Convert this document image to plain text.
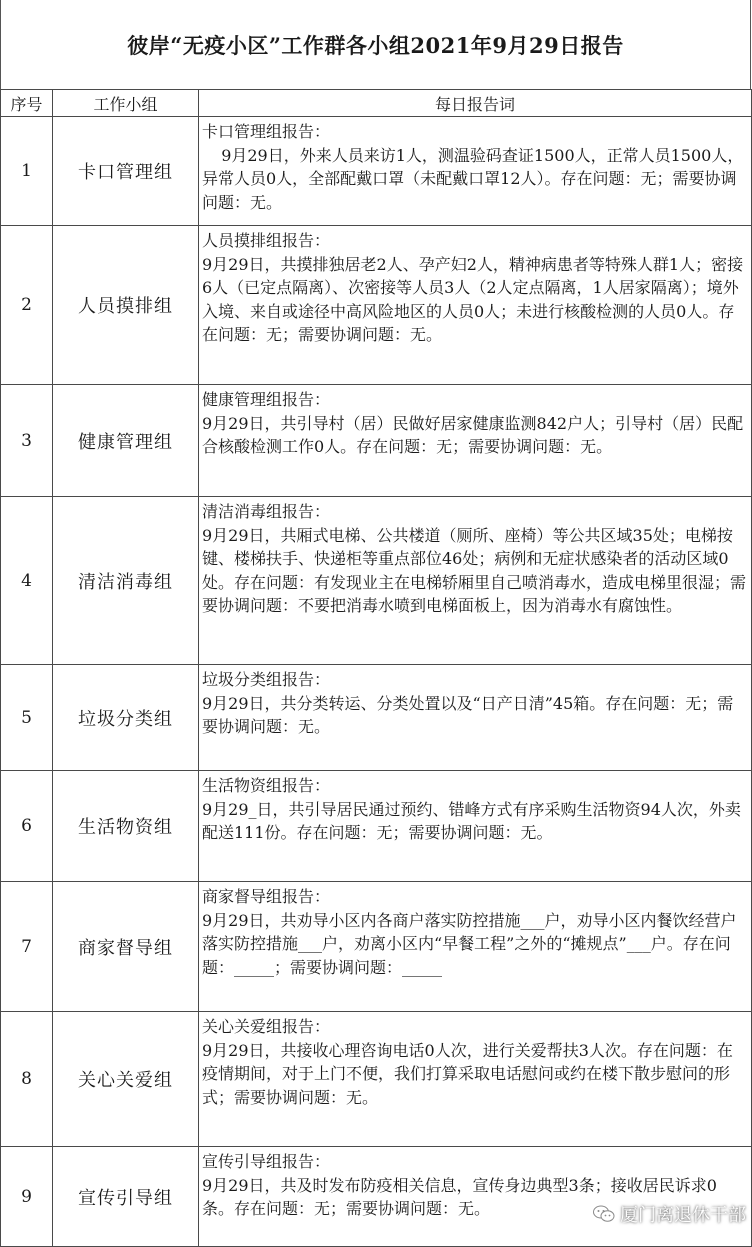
彼岸“无疫小区”工作群各小组2021年9月29日报告
序号	工作小组	每日报告词
1	卡口管理组	卡口管理组报告：
9月29日，外来人员来访1人，测温验码查证1500人，正常人员1500人，异常人员0人，全部配戴口罩（未配戴口罩12人）。存在问题：无；需要协调问题：无。

2	人员摸排组	人员摸排组报告：
9月29日，共摸排独居老2人、孕产妇2人，精神病患者等特殊人群1人；密接6人（已定点隔离）、次密接等人员3人（2人定点隔离，1人居家隔离）；境外入境、来自或途径中高风险地区的人员0人；未进行核酸检测的人员0人。存在问题：无；需要协调问题：无。

3	健康管理组	健康管理组报告：
9月29日，共引导村（居）民做好居家健康监测842户人；引导村（居）民配合核酸检测工作0人。存在问题：无；需要协调问题：无。

4	清洁消毒组	清洁消毒组报告：
9月29日，共厢式电梯、公共楼道（厕所、座椅）等公共区域35处；电梯按键、楼梯扶手、快递柜等重点部位46处；病例和无症状感染者的活动区域0处。存在问题：有发现业主在电梯轿厢里自己喷消毒水，造成电梯里很湿；需要协调问题：不要把消毒水喷到电梯面板上，因为消毒水有腐蚀性。

5	垃圾分类组	垃圾分类组报告：
9月29日，共分类转运、分类处置以及“日产日清”45箱。存在问题：无；需要协调问题：无。

6	生活物资组	生活物资组报告：
9月29_日，共引导居民通过预约、错峰方式有序采购生活物资94人次，外卖配送111份。存在问题：无；需要协调问题：无。

7	商家督导组	商家督导组报告：
9月29日，共劝导小区内各商户落实防控措施___户，劝导小区内餐饮经营户落实防控措施___户，劝离小区内“早餐工程”之外的“摊规点”___户。存在问题：_____；需要协调问题：_____

8	关心关爱组	关心关爱组报告：
9月29日，共接收心理咨询电话0人次，进行关爱帮扶3人次。存在问题：在疫情期间，对于上门不便，我们打算采取电话慰问或约在楼下散步慰问的形式；需要协调问题：无。

9	宣传引导组	宣传引导组报告：
9月29日，共及时发布防疫相关信息，宣传身边典型3条；接收居民诉求0条。存在问题：无；需要协调问题：无。	厦门离退休干部
